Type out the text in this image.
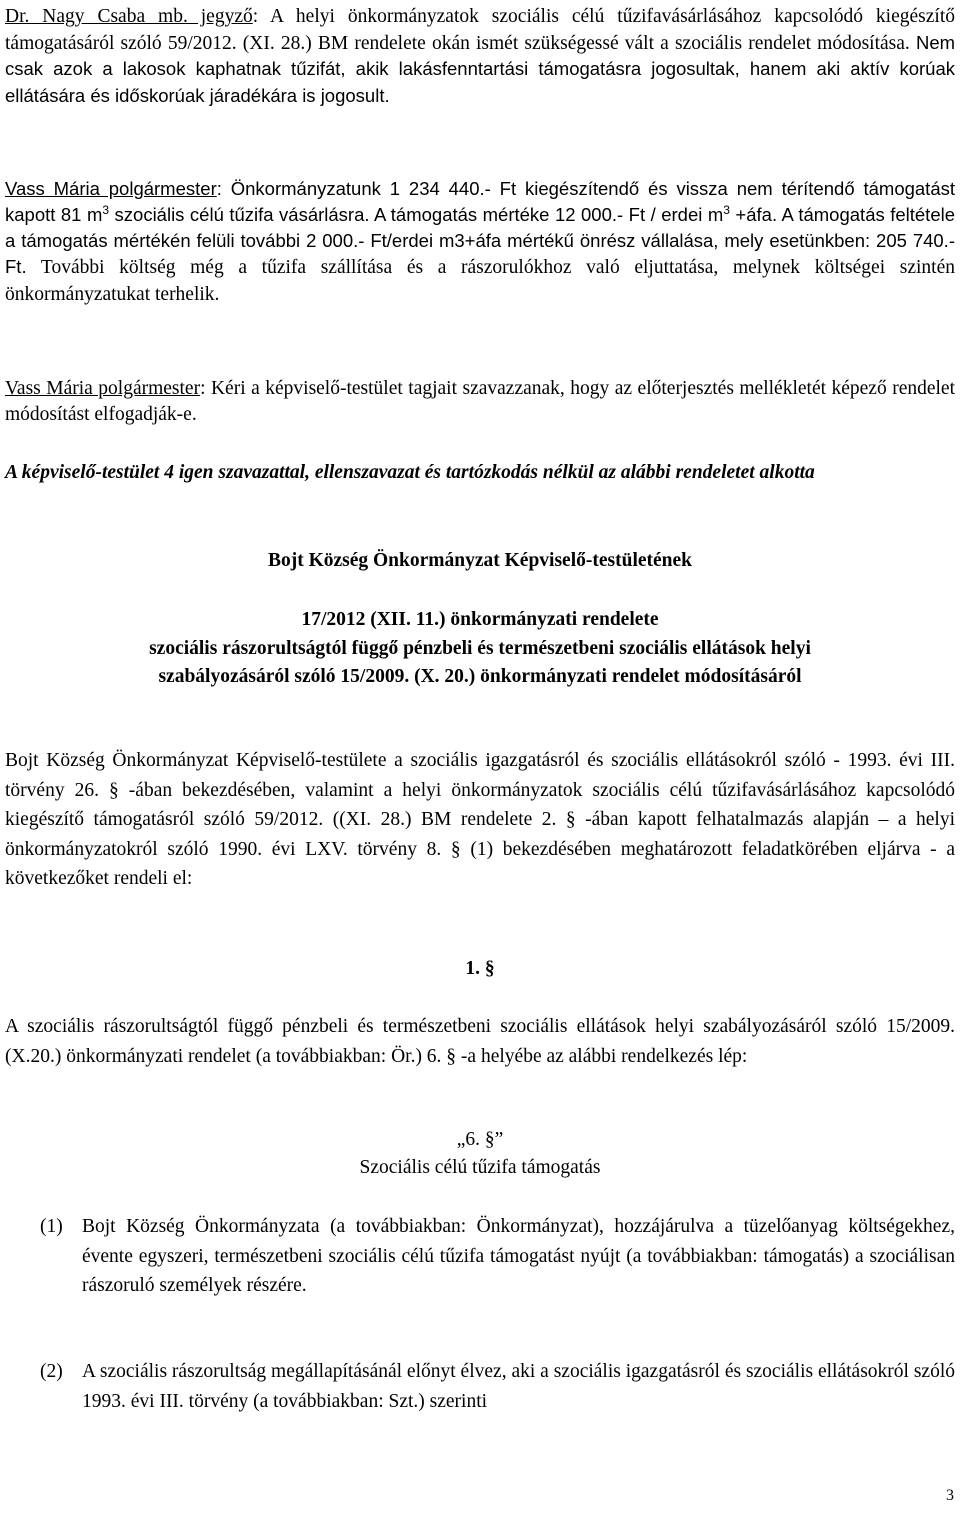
Dr. Nagy Csaba mb. jegyző: A helyi önkormányzatok szociális célú tűzifavásárlásához kapcsolódó kiegészítő támogatásáról szóló 59/2012. (XI. 28.) BM rendelete okán ismét szükségessé vált a szociális rendelet módosítása. Nem csak azok a lakosok kaphatnak tűzifát, akik lakásfenntartási támogatásra jogosultak, hanem aki aktív korúak ellátására és időskorúak járadékára is jogosult.

Vass Mária polgármester: Önkormányzatunk 1 234 440.- Ft kiegészítendő és vissza nem térítendő támogatást kapott 81 $m^3$ szociális célú tűzifa vásárlásra. A támogatás mértéke 12 000.- Ft / erdei $m^3$ +áfa. A támogatás feltétele a támogatás mértékén felüli további 2 000.- Ft/erdei m3+áfa mértékű önrész vállalása, mely esetünkben: 205 740.- Ft. További költség még a tűzifa szállítása és a rászorulókhoz való eljuttatása, melynek költségei szintén önkormányzatukat terhelik.

Vass Mária polgármester: Kéri a képviselő-testület tagjait szavazzanak, hogy az előterjesztés mellékletét képező rendelet módosítást elfogadják-e.

A képviselő-testület 4 igen szavazattal, ellenszavazat és tartózkodás nélkül az alábbi rendeletet alkotta

Bojt Község Önkormányzat Képviselő-testületének

17/2012 (XII. 11.) önkormányzati rendelete

szociális rászorultságtól függő pénzbeli és természetbeni szociális ellátások helyi

szabályozásáról szóló 15/2009. (X. 20.) önkormányzati rendelet módosításáról

Bojt Község Önkormányzat Képviselő-testülete a szociális igazgatásról és szociális ellátásokról szóló - 1993. évi III. törvény 26. § -ában bekezdésében, valamint a helyi önkormányzatok szociális célú tűzifavásárlásához kapcsolódó kiegészítő támogatásról szóló 59/2012. ((XI. 28.) BM rendelete 2. § -ában kapott felhatalmazás alapján – a helyi önkormányzatokról szóló 1990. évi LXV. törvény 8. § (1) bekezdésében meghatározott feladatkörében eljárva - a következőket rendeli el:

1. §

A szociális rászorultságtól függő pénzbeli és természetbeni szociális ellátások helyi szabályozásáról szóló 15/2009. (X.20.) önkormányzati rendelet (a továbbiakban: Ör.) 6. § -a helyébe az alábbi rendelkezés lép:

„6. §”

Szociális célú tűzifa támogatás

(1) Bojt Község Önkormányzata (a továbbiakban: Önkormányzat), hozzájárulva a tüzelőanyag költségekhez, évente egyszeri, természetbeni szociális célú tűzifa támogatást nyújt (a továbbiakban: támogatás) a szociálisan rászoruló személyek részére.

(2) A szociális rászorultság megállapításánál előnyt élvez, aki a szociális igazgatásról és szociális ellátásokról szóló 1993. évi III. törvény (a továbbiakban: Szt.) szerinti

3
